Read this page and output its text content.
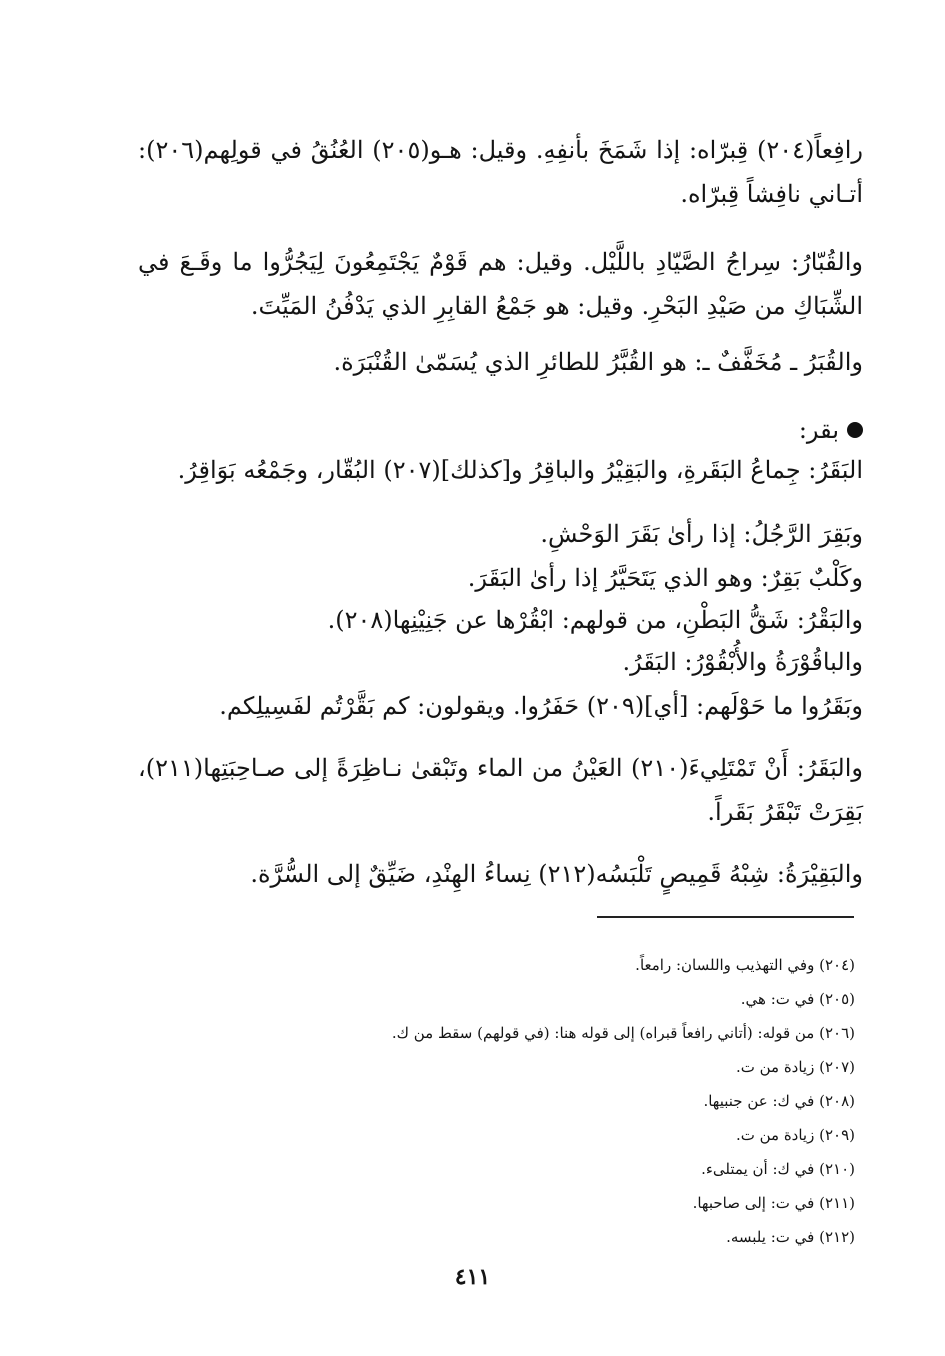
رافِعاً(٢٠٤) قِبرّاه: إذا شَمَخَ بأنفِهِ. وقيل: هـو(٢٠٥) العُنُقُ في قولِهم(٢٠٦): أتـاني نافِشاً قِبرّاه.
والقُبّارُ: سِراجُ الصَّيّادِ باللَّيْل. وقيل: هم قَوْمٌ يَجْتَمِعُونَ لِيَجُرُّوا ما وقَـعَ في الشِّبَاكِ من صَيْدِ البَحْرِ. وقيل: هو جَمْعُ القابِرِ الذي يَدْفُنُ المَيِّتَ.
والقُبَرُ ـ مُخَفَّفٌ ـ: هو القُبَّرُ للطائرِ الذي يُسَمّىٰ القُنْبَرَة.
بقر:
البَقَرُ: جِماعُ البَقَرةِ، والبَقِيْرُ والباقِرُ و[كذلك](٢٠٧) البُقّار، وجَمْعُه بَوَاقِرُ.
وبَقِرَ الرَّجُلُ: إذا رأىٰ بَقَرَ الوَحْشِ.
وكَلْبٌ بَقِرٌ: وهو الذي يَتَحَيَّرُ إذا رأىٰ البَقَرَ.
والبَقْرُ: شَقُّ البَطْنِ، من قولهم: ابْقُرْها عن جَنِيْنِها(٢٠٨).
والباقُوْرَةُ والأُبْقُوْرُ: البَقَرُ.
وبَقَرُوا ما حَوْلَهم: [أي](٢٠٩) حَفَرُوا. ويقولون: كم بَقَّرْتُم لفَسِيلِكم.
والبَقَرُ: أَنْ تَمْتَلِيءَ(٢١٠) العَيْنُ من الماء وتَبْقىٰ نـاظِرَةً إلى صـاحِبَتِها(٢١١)، بَقِرَتْ تَبْقَرُ بَقَراً.
والبَقِيْرَةُ: شِبْهُ قَمِيصٍ تَلْبَسُه(٢١٢) نِساءُ الهِنْدِ، ضَيِّقٌ إلى السُّرَّة.
(٢٠٤) وفي التهذيب واللسان: رامعاً.
(٢٠٥) في ت: هي.
(٢٠٦) من قوله: (أتاني رافعاً قبراه) إلى قوله هنا: (في قولهم) سقط من ك.
(٢٠٧) زيادة من ت.
(٢٠٨) في ك: عن جنبيها.
(٢٠٩) زيادة من ت.
(٢١٠) في ك: أن يمتلىء.
(٢١١) في ت: إلى صاحبها.
(٢١٢) في ت: يلبسه.
٤١١
